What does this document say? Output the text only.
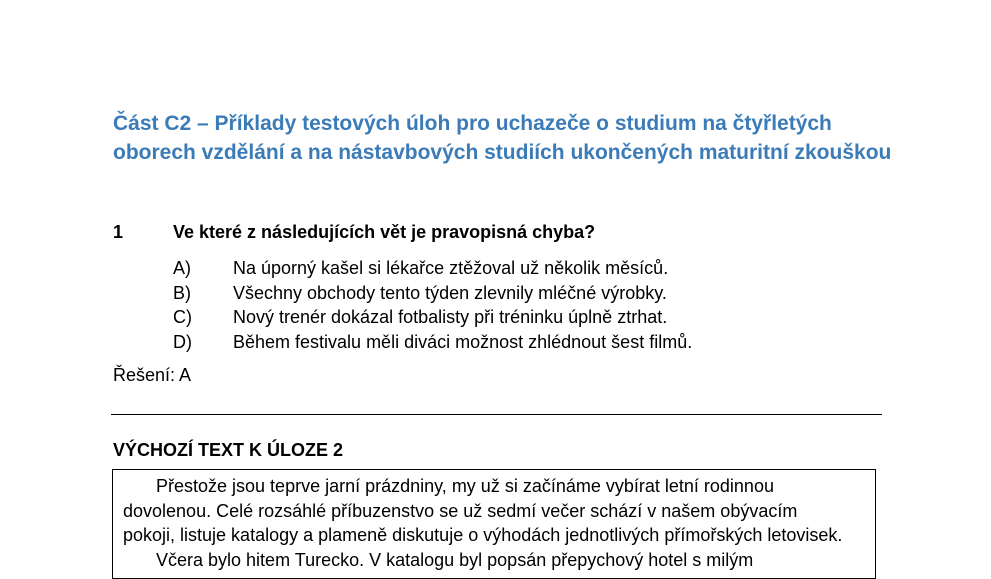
Část C2 – Příklady testových úloh pro uchazeče o studium na čtyřletých oborech vzdělání a na nástavbových studiích ukončených maturitní zkouškou
1	Ve které z následujících vět je pravopisná chyba?
A) Na úporný kašel si lékařce ztěžoval už několik měsíců.
B) Všechny obchody tento týden zlevnily mléčné výrobky.
C) Nový trenér dokázal fotbalisty při tréninku úplně ztrhat.
D) Během festivalu měli diváci možnost zhlédnout šest filmů.
Řešení: A
VÝCHOZÍ TEXT K ÚLOZE 2

Přestože jsou teprve jarní prázdniny, my už si začínáme vybírat letní rodinnou

dovolenou. Celé rozsáhlé příbuzenstvo se už sedmí večer schází v našem obývacím

pokoji, listuje katalogy a plameně diskutuje o výhodách jednotlivých přímořských letovisek.

Včera bylo hitem Turecko. V katalogu byl popsán přepychový hotel s milým
